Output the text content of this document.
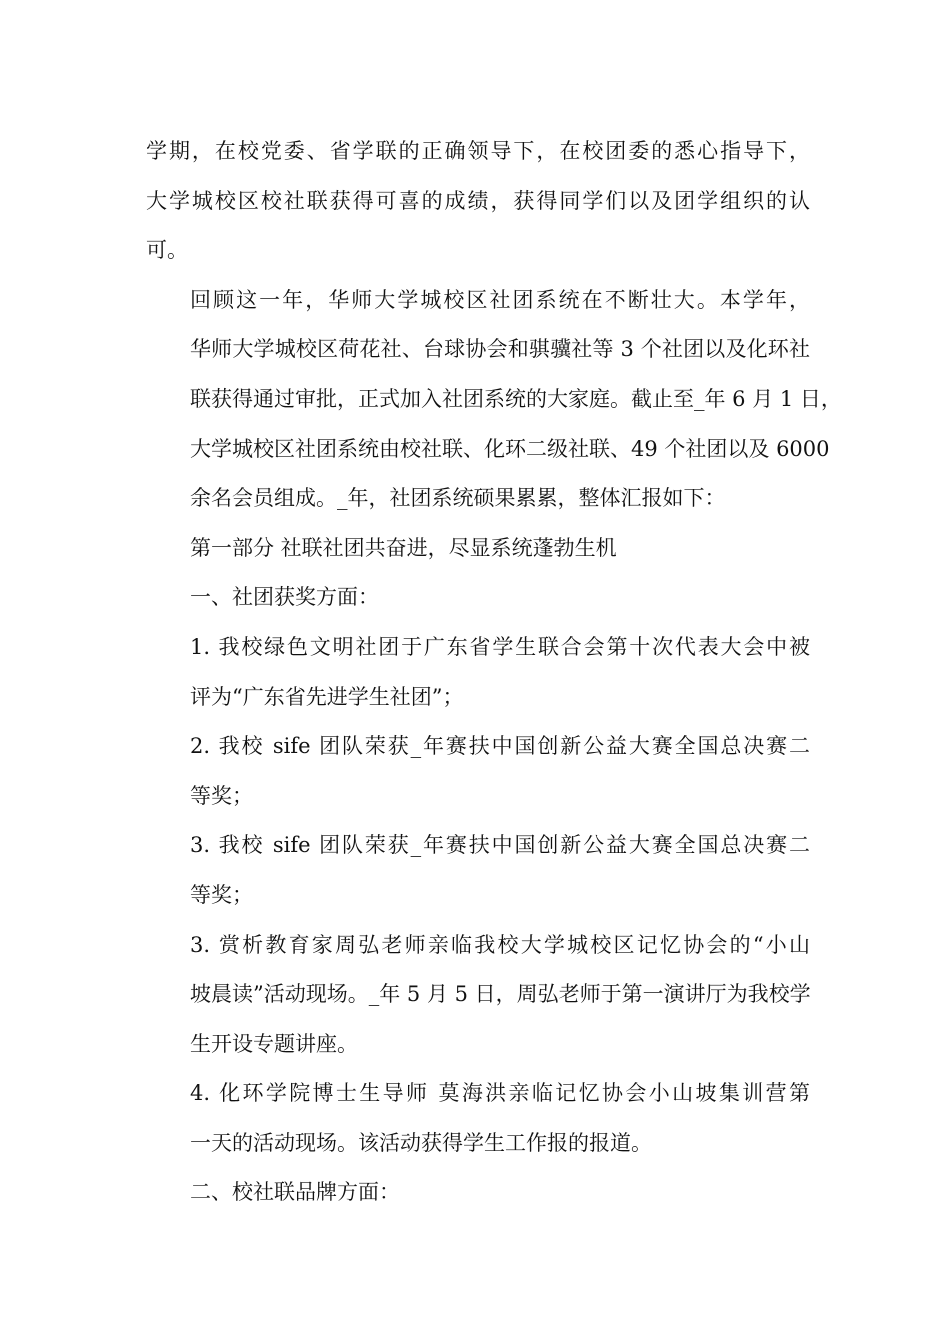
学期，在校党委、省学联的正确领导下，在校团委的悉心指导下，
大学城校区校社联获得可喜的成绩，获得同学们以及团学组织的认
可。

回顾这一年，华师大学城校区社团系统在不断壮大。本学年，
华师大学城校区荷花社、台球协会和骐骥社等 3 个社团以及化环社
联获得通过审批，正式加入社团系统的大家庭。截止至_年 6 月 1 日，
大学城校区社团系统由校社联、化环二级社联、49 个社团以及 6000
余名会员组成。_年，社团系统硕果累累，整体汇报如下：

第一部分 社联社团共奋进，尽显系统蓬勃生机

一、社团获奖方面：

1. 我校绿色文明社团于广东省学生联合会第十次代表大会中被
评为“广东省先进学生社团”；

2. 我校 sife 团队荣获_年赛扶中国创新公益大赛全国总决赛二
等奖；

3. 我校 sife 团队荣获_年赛扶中国创新公益大赛全国总决赛二
等奖；

3. 赏析教育家周弘老师亲临我校大学城校区记忆协会的“小山
坡晨读”活动现场。_年 5 月 5 日，周弘老师于第一演讲厅为我校学
生开设专题讲座。

4. 化环学院博士生导师 莫海洪亲临记忆协会小山坡集训营第
一天的活动现场。该活动获得学生工作报的报道。

二、校社联品牌方面：
